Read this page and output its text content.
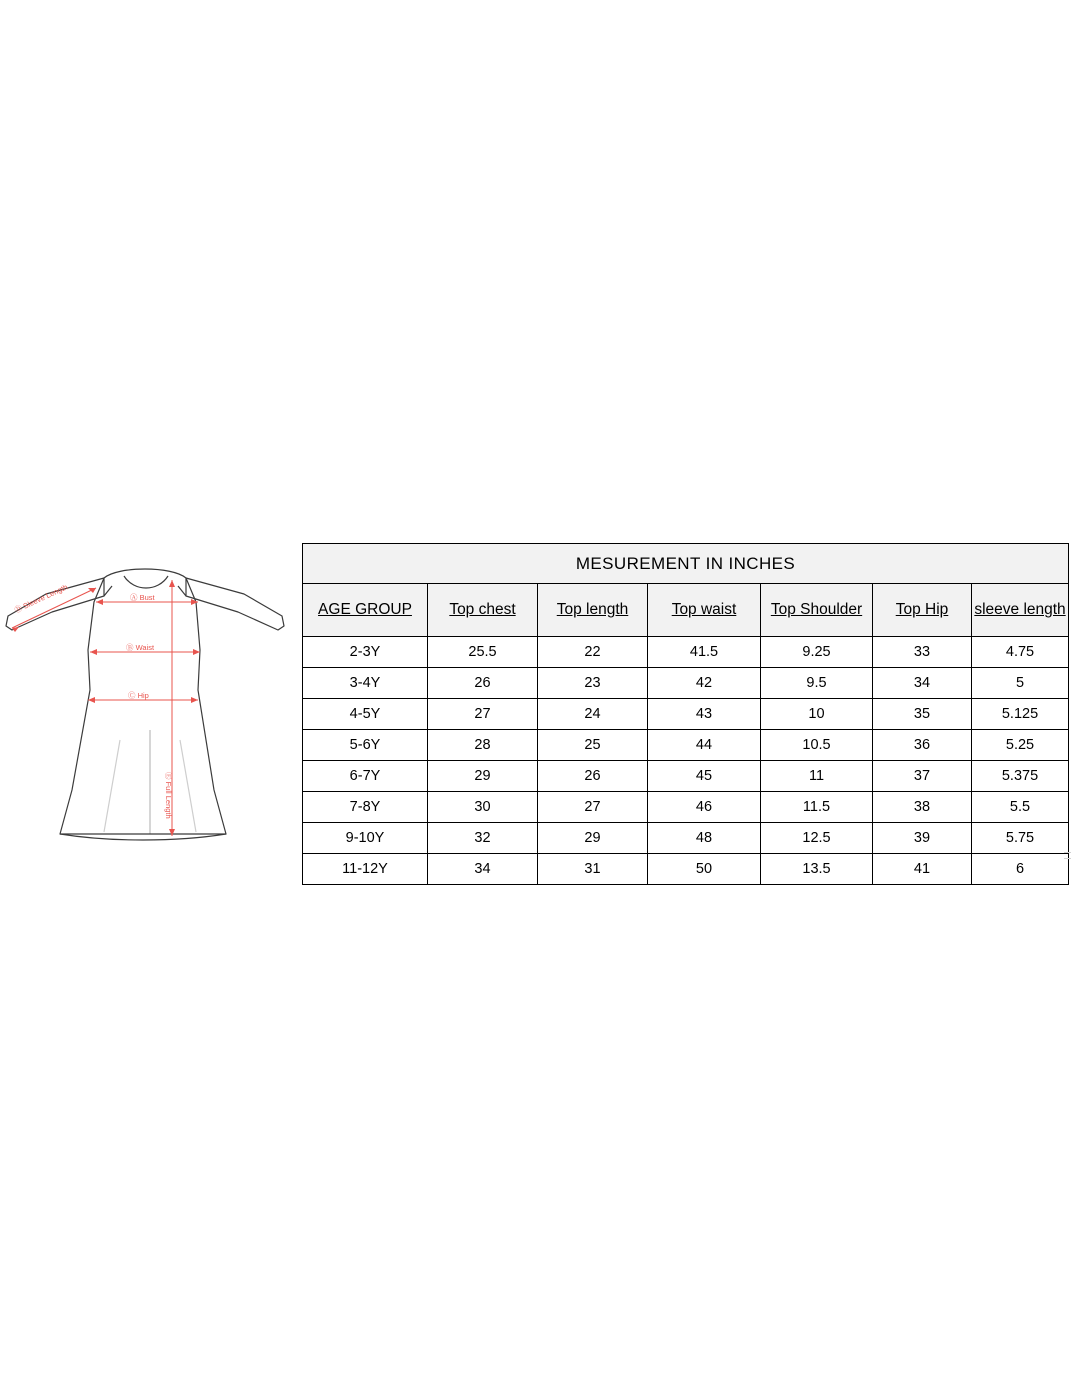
Ⓓ Sleeve Length	Ⓐ Bust
Ⓑ Waist
Ⓒ Hip
Ⓔ Full Length
MESUREMENT IN INCHES						
AGE GROUP	Top chest	Top length	Top waist	Top Shoulder	Top Hip	sleeve length

2-3Y	25.5	22	41.5	9.25	33	4.75
3-4Y	26	23	42	9.5	34	5
4-5Y	27	24	43	10	35	5.125
5-6Y	28	25	44	10.5	36	5.25
6-7Y	29	26	45	11	37	5.375
7-8Y	30	27	46	11.5	38	5.5
9-10Y	32	29	48	12.5	39	5.75
11-12Y	34	31	50	13.5	41	6
